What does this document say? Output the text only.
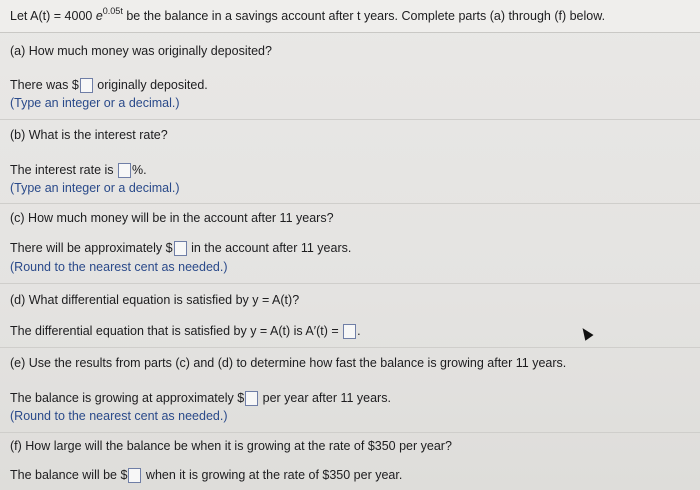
Let A(t) = 4000 $e^{0.05t}$ be the balance in a savings account after t years. Complete parts (a) through (f) below.
(a) How much money was originally deposited?
There was $ originally deposited.
(Type an integer or a decimal.)
(b) What is the interest rate?
The interest rate is %.
(Type an integer or a decimal.)
(c) How much money will be in the account after 11 years?
There will be approximately $ in the account after 11 years.
(Round to the nearest cent as needed.)
(d) What differential equation is satisfied by y = A(t)?
The differential equation that is satisfied by y = A(t) is A′(t) = .
(e) Use the results from parts (c) and (d) to determine how fast the balance is growing after 11 years.
The balance is growing at approximately $ per year after 11 years.
(Round to the nearest cent as needed.)
(f) How large will the balance be when it is growing at the rate of $350 per year?
The balance will be $ when it is growing at the rate of $350 per year.
